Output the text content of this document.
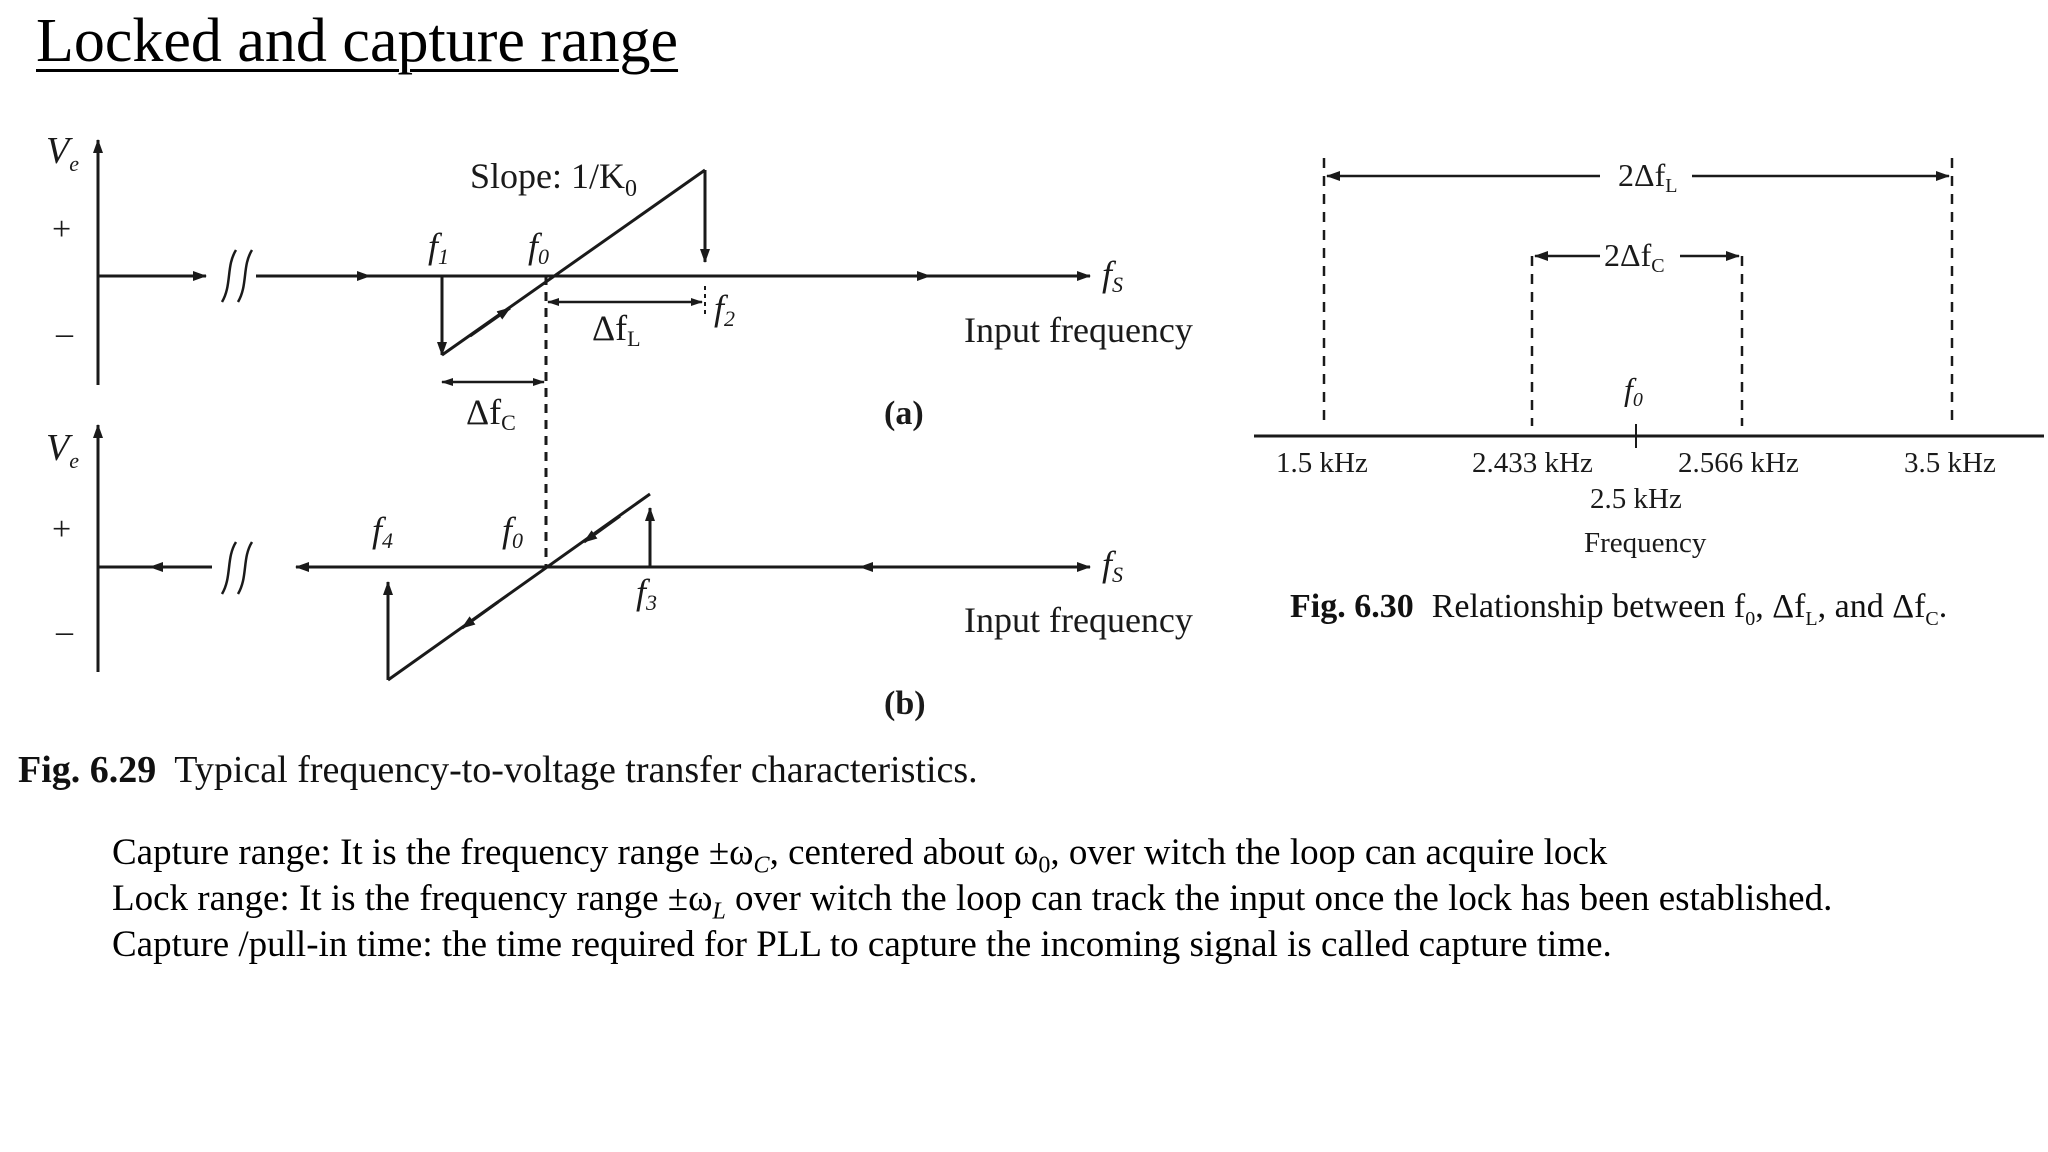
Locked and capture range
$V_e$
+
–
Slope: $1/K_0$
f1 f0
f2
ΔfL
ΔfC
fS
Input frequency
(a)
$V_e$
+
–
f4	f0
f3
fS
Input frequency
(b)
2ΔfL
2ΔfC
f0
1.5 kHz	2.433 kHz	2.566 kHz	3.5 kHz
2.5 kHz
Frequency
Fig. 6.29 Typical frequency-to-voltage transfer characteristics.
Fig. 6.30 Relationship between $f_0$, $\Delta f_L$, and $\Delta f_C$.
Capture range: It is the frequency range $\pm\omega_C$, centered about $\omega_0$, over witch the loop can acquire lock
Lock range: It is the frequency range $\pm\omega_L$ over witch the loop can track the input once the lock has been established.
Capture /pull-in time: the time required for PLL to capture the incoming signal is called capture time.
